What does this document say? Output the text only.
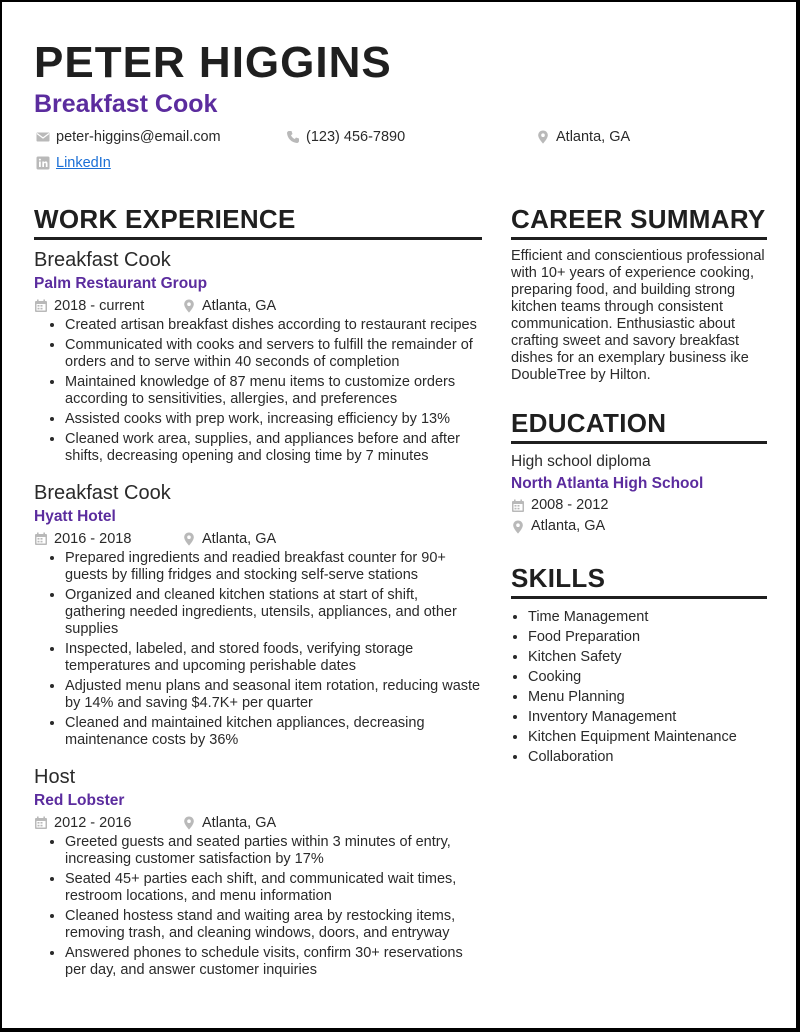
PETER HIGGINS
Breakfast Cook
peter-higgins@email.com	(123) 456-7890	Atlanta, GA
LinkedIn
WORK EXPERIENCE
Breakfast Cook
Palm Restaurant Group
2018 - current	Atlanta, GA
• Created artisan breakfast dishes according to restaurant recipes
• Communicated with cooks and servers to fulfill the remainder of orders and to serve within 40 seconds of completion
• Maintained knowledge of 87 menu items to customize orders according to sensitivities, allergies, and preferences
• Assisted cooks with prep work, increasing efficiency by 13%
• Cleaned work area, supplies, and appliances before and after shifts, decreasing opening and closing time by 7 minutes
Breakfast Cook
Hyatt Hotel
2016 - 2018	Atlanta, GA
• Prepared ingredients and readied breakfast counter for 90+ guests by filling fridges and stocking self-serve stations
• Organized and cleaned kitchen stations at start of shift, gathering needed ingredients, utensils, appliances, and other supplies
• Inspected, labeled, and stored foods, verifying storage temperatures and upcoming perishable dates
• Adjusted menu plans and seasonal item rotation, reducing waste by 14% and saving $4.7K+ per quarter
• Cleaned and maintained kitchen appliances, decreasing maintenance costs by 36%
Host
Red Lobster
2012 - 2016	Atlanta, GA
• Greeted guests and seated parties within 3 minutes of entry, increasing customer satisfaction by 17%
• Seated 45+ parties each shift, and communicated wait times, restroom locations, and menu information
• Cleaned hostess stand and waiting area by restocking items, removing trash, and cleaning windows, doors, and entryway
• Answered phones to schedule visits, confirm 30+ reservations per day, and answer customer inquiries
CAREER SUMMARY

Efficient and conscientious professional with 10+ years of experience cooking, preparing food, and building strong kitchen teams through consistent communication. Enthusiastic about crafting sweet and savory breakfast dishes for an exemplary business ike DoubleTree by Hilton.

EDUCATION
High school diploma
North Atlanta High School
2008 - 2012
Atlanta, GA
SKILLS
• Time Management
• Food Preparation
• Kitchen Safety
• Cooking
• Menu Planning
• Inventory Management
• Kitchen Equipment Maintenance
• Collaboration
